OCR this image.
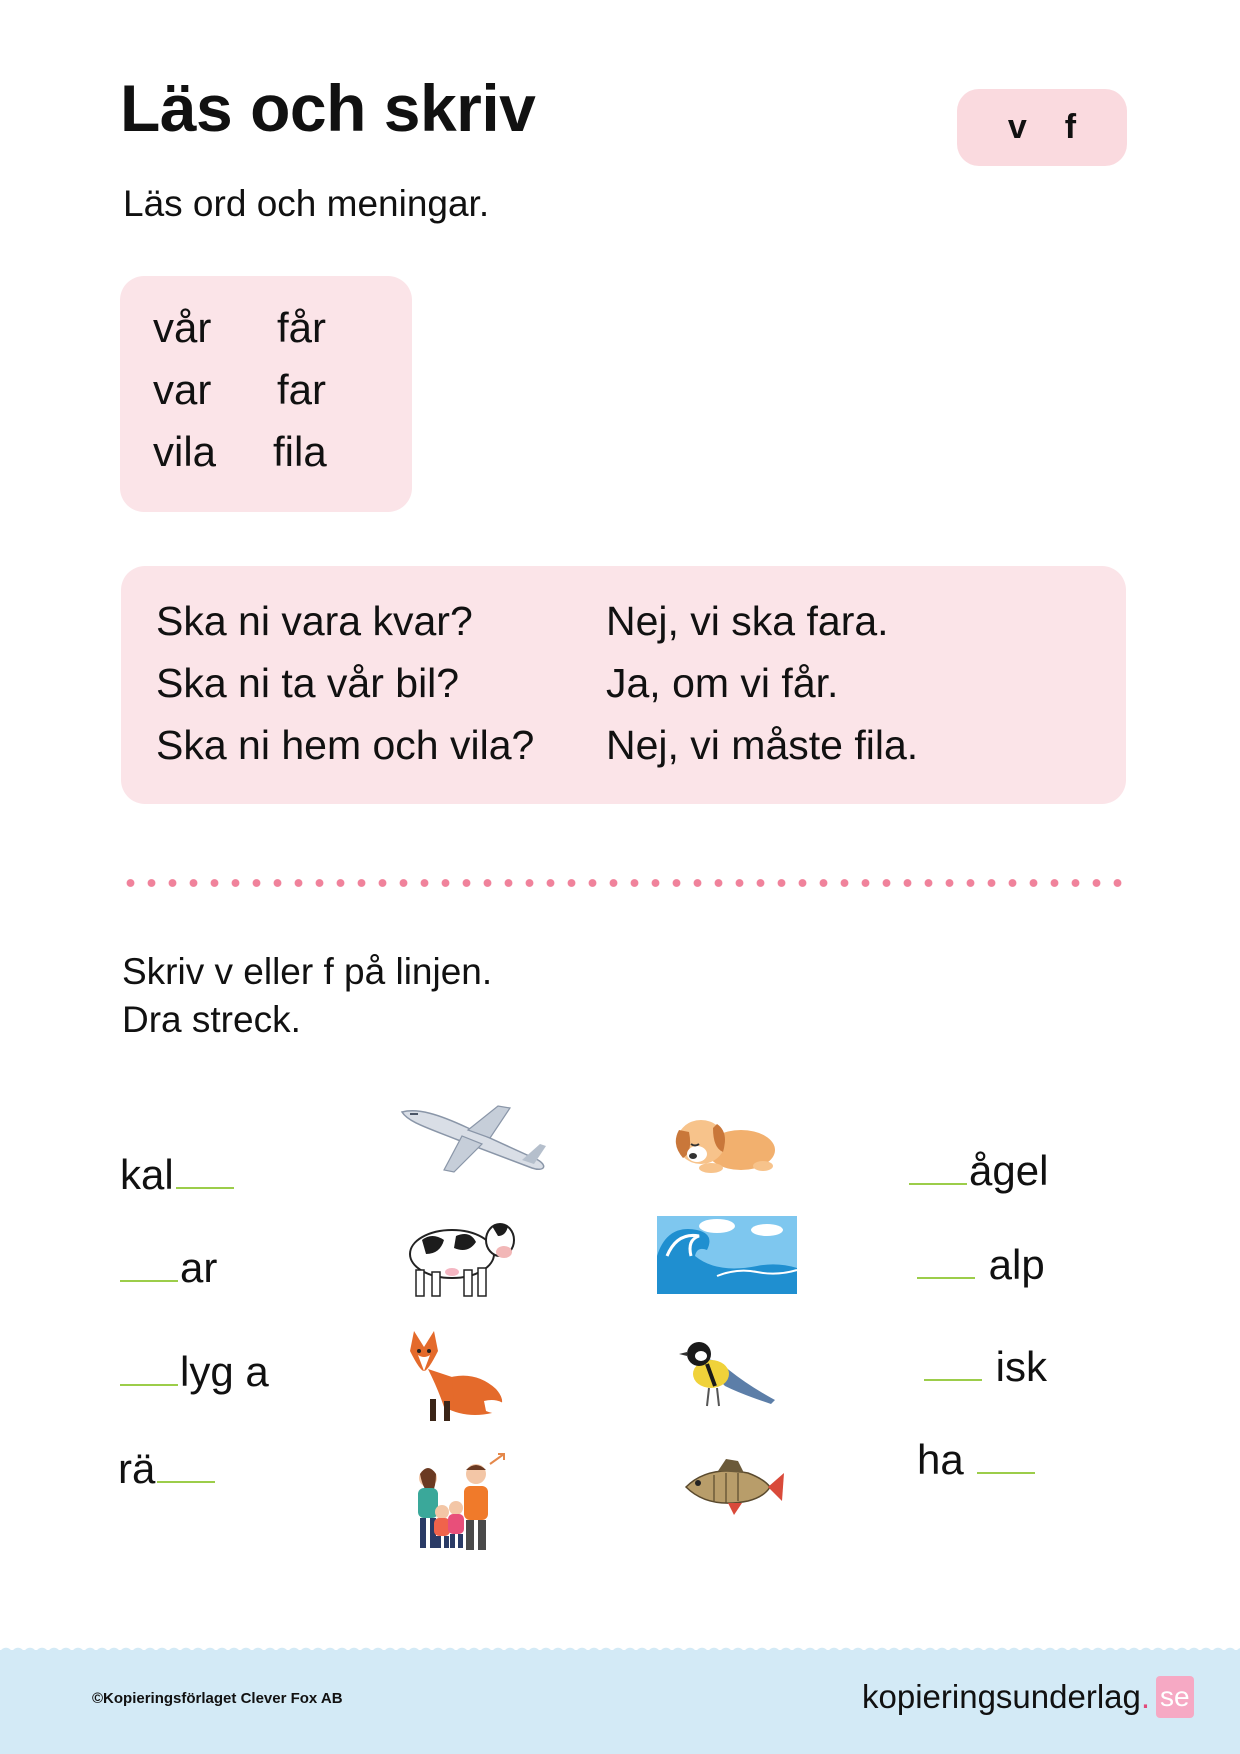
Läs och skriv	v f
Läs ord och meningar.
vår	får
var	far
vila	fila
Ska ni vara kvar?	Nej, vi ska fara.
Ska ni ta vår bil?	Ja, om vi får.
Ska ni hem och vila?	Nej, vi måste fila.
Skriv v eller f på linjen.
Dra streck.
kal
ar
lyg a
rä
ågel
alp
isk
ha
©Kopieringsförlaget Clever Fox AB	kopieringsunderlag . se
